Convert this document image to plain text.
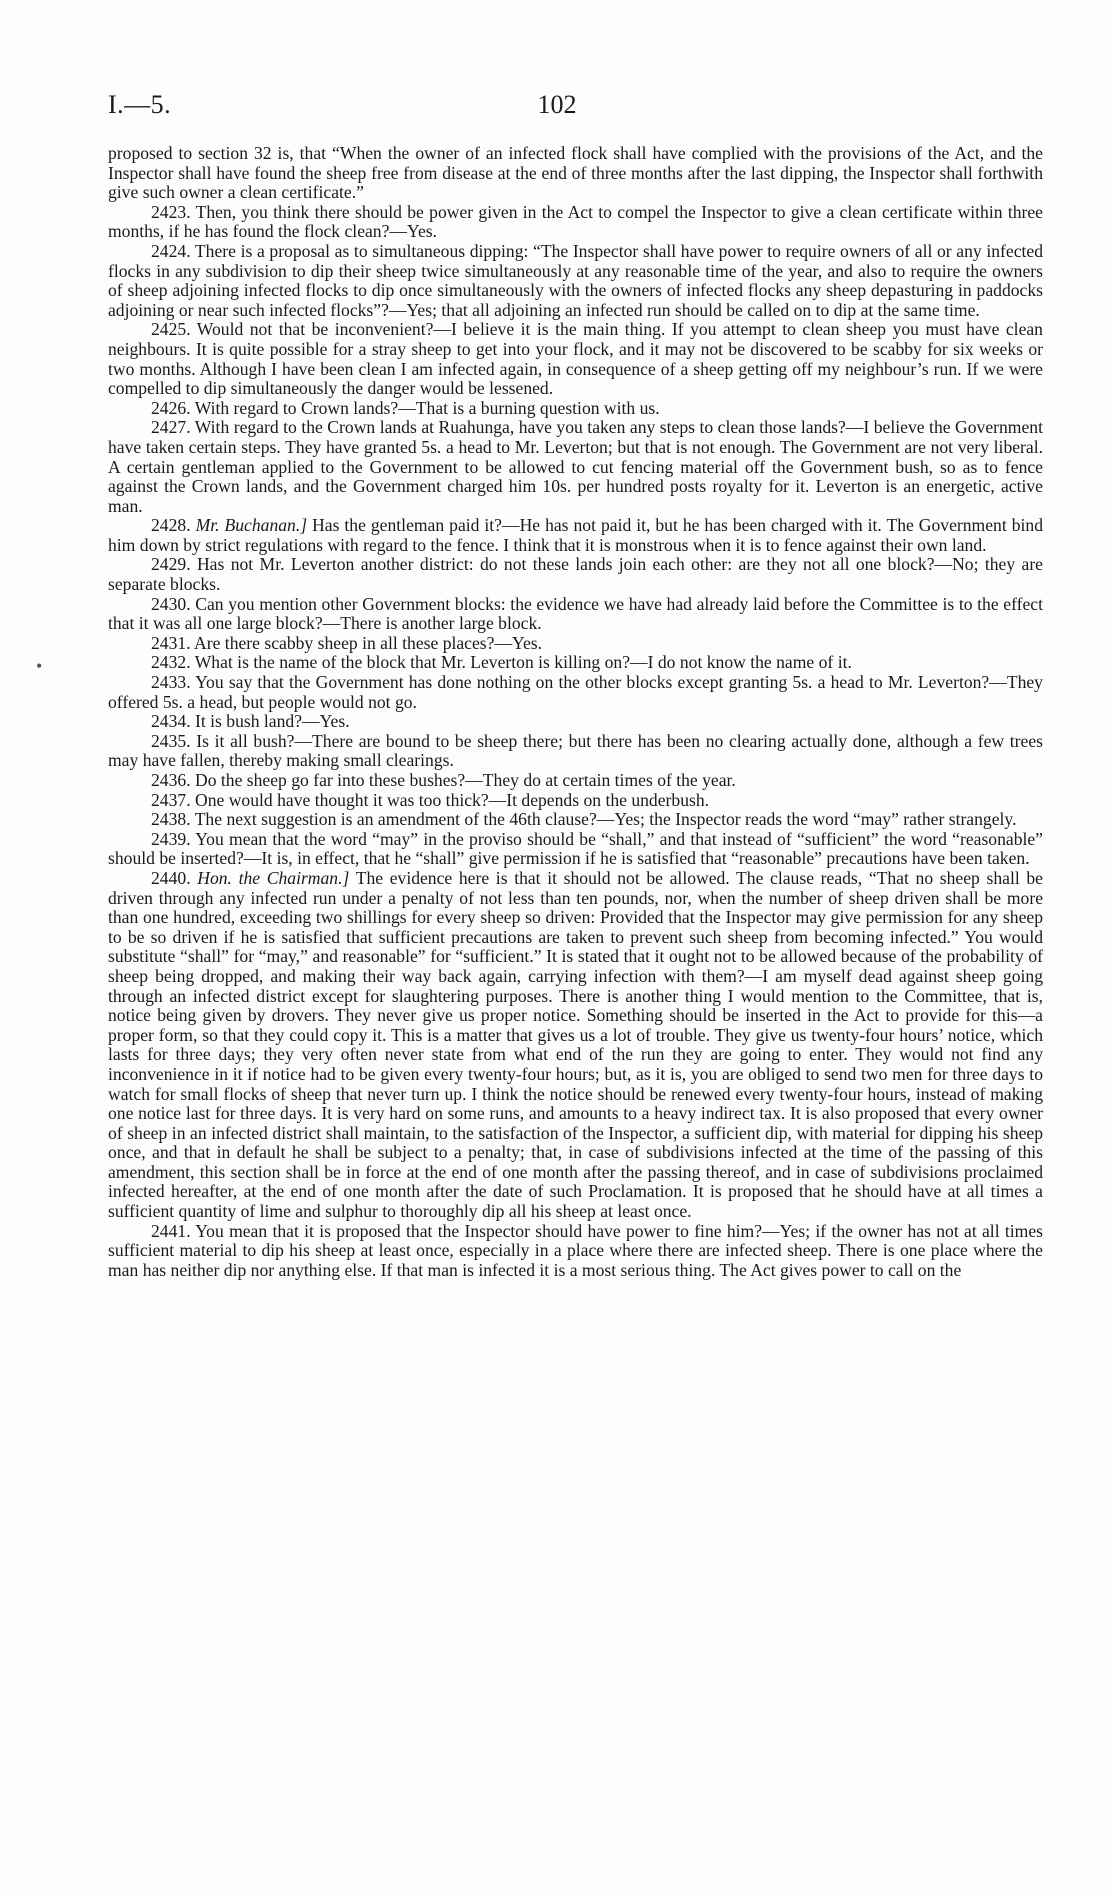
I.—5.	102
•

proposed to section 32 is, that “When the owner of an infected flock shall have complied with the provisions of the Act, and the Inspector shall have found the sheep free from disease at the end of three months after the last dipping, the Inspector shall forthwith give such owner a clean certificate.”

2423. Then, you think there should be power given in the Act to compel the Inspector to give a clean certificate within three months, if he has found the flock clean?—Yes.

2424. There is a proposal as to simultaneous dipping: “The Inspector shall have power to require owners of all or any infected flocks in any subdivision to dip their sheep twice simultaneously at any reasonable time of the year, and also to require the owners of sheep adjoining infected flocks to dip once simultaneously with the owners of infected flocks any sheep depasturing in paddocks adjoining or near such infected flocks”?—Yes; that all adjoining an infected run should be called on to dip at the same time.

2425. Would not that be inconvenient?—I believe it is the main thing. If you attempt to clean sheep you must have clean neighbours. It is quite possible for a stray sheep to get into your flock, and it may not be discovered to be scabby for six weeks or two months. Although I have been clean I am infected again, in consequence of a sheep getting off my neighbour’s run. If we were compelled to dip simultaneously the danger would be lessened.

2426. With regard to Crown lands?—That is a burning question with us.

2427. With regard to the Crown lands at Ruahunga, have you taken any steps to clean those lands?—I believe the Government have taken certain steps. They have granted 5s. a head to Mr. Leverton; but that is not enough. The Government are not very liberal. A certain gentleman applied to the Government to be allowed to cut fencing material off the Government bush, so as to fence against the Crown lands, and the Government charged him 10s. per hundred posts royalty for it. Leverton is an energetic, active man.

2428. Mr. Buchanan.] Has the gentleman paid it?—He has not paid it, but he has been charged with it. The Government bind him down by strict regulations with regard to the fence. I think that it is monstrous when it is to fence against their own land.

2429. Has not Mr. Leverton another district: do not these lands join each other: are they not all one block?—No; they are separate blocks.

2430. Can you mention other Government blocks: the evidence we have had already laid before the Committee is to the effect that it was all one large block?—There is another large block.

2431. Are there scabby sheep in all these places?—Yes.

2432. What is the name of the block that Mr. Leverton is killing on?—I do not know the name of it.

2433. You say that the Government has done nothing on the other blocks except granting 5s. a head to Mr. Leverton?—They offered 5s. a head, but people would not go.

2434. It is bush land?—Yes.

2435. Is it all bush?—There are bound to be sheep there; but there has been no clearing actually done, although a few trees may have fallen, thereby making small clearings.

2436. Do the sheep go far into these bushes?—They do at certain times of the year.

2437. One would have thought it was too thick?—It depends on the underbush.

2438. The next suggestion is an amendment of the 46th clause?—Yes; the Inspector reads the word “may” rather strangely.

2439. You mean that the word “may” in the proviso should be “shall,” and that instead of “sufficient” the word “reasonable” should be inserted?—It is, in effect, that he “shall” give permission if he is satisfied that “reasonable” precautions have been taken.

2440. Hon. the Chairman.] The evidence here is that it should not be allowed. The clause reads, “That no sheep shall be driven through any infected run under a penalty of not less than ten pounds, nor, when the number of sheep driven shall be more than one hundred, exceeding two shillings for every sheep so driven: Provided that the Inspector may give permission for any sheep to be so driven if he is satisfied that sufficient precautions are taken to prevent such sheep from becoming infected.” You would substitute “shall” for “may,” and reasonable” for “sufficient.” It is stated that it ought not to be allowed because of the probability of sheep being dropped, and making their way back again, carrying infection with them?—I am myself dead against sheep going through an infected district except for slaughtering purposes. There is another thing I would mention to the Committee, that is, notice being given by drovers. They never give us proper notice. Something should be inserted in the Act to provide for this—a proper form, so that they could copy it. This is a matter that gives us a lot of trouble. They give us twenty-four hours’ notice, which lasts for three days; they very often never state from what end of the run they are going to enter. They would not find any inconvenience in it if notice had to be given every twenty-four hours; but, as it is, you are obliged to send two men for three days to watch for small flocks of sheep that never turn up. I think the notice should be renewed every twenty-four hours, instead of making one notice last for three days. It is very hard on some runs, and amounts to a heavy indirect tax. It is also proposed that every owner of sheep in an infected district shall maintain, to the satisfaction of the Inspector, a sufficient dip, with material for dipping his sheep once, and that in default he shall be subject to a penalty; that, in case of subdivisions infected at the time of the passing of this amendment, this section shall be in force at the end of one month after the passing thereof, and in case of subdivisions proclaimed infected hereafter, at the end of one month after the date of such Proclamation. It is proposed that he should have at all times a sufficient quantity of lime and sulphur to thoroughly dip all his sheep at least once.

2441. You mean that it is proposed that the Inspector should have power to fine him?—Yes; if the owner has not at all times sufficient material to dip his sheep at least once, especially in a place where there are infected sheep. There is one place where the man has neither dip nor anything else. If that man is infected it is a most serious thing. The Act gives power to call on the
